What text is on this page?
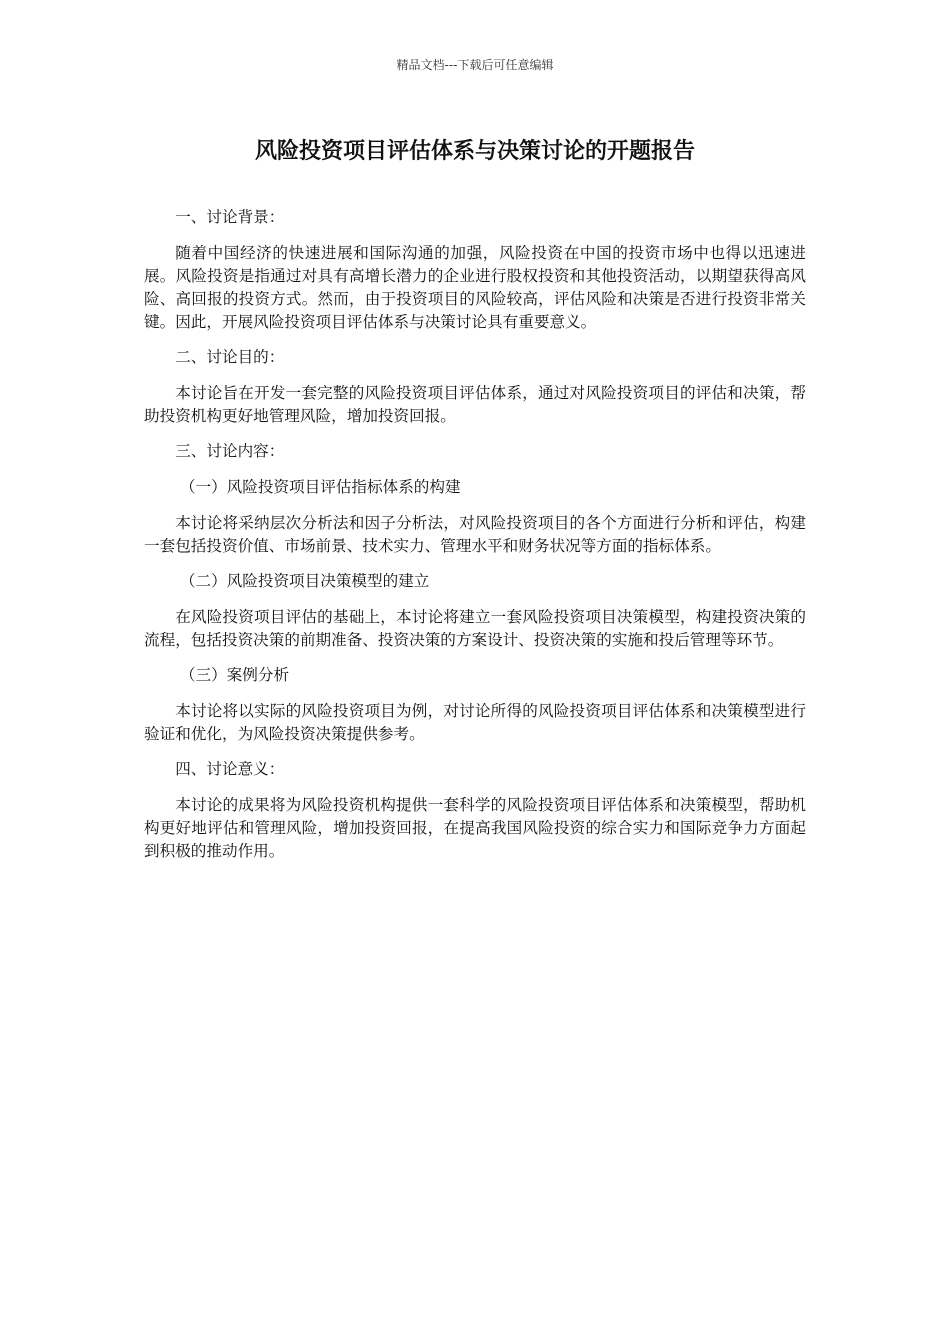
精品文档---下载后可任意编辑
风险投资项目评估体系与决策讨论的开题报告

一、讨论背景：

随着中国经济的快速进展和国际沟通的加强，风险投资在中国的投资市场中也得以迅速进展。风险投资是指通过对具有高增长潜力的企业进行股权投资和其他投资活动，以期望获得高风险、高回报的投资方式。然而，由于投资项目的风险较高，评估风险和决策是否进行投资非常关键。因此，开展风险投资项目评估体系与决策讨论具有重要意义。

二、讨论目的：

本讨论旨在开发一套完整的风险投资项目评估体系，通过对风险投资项目的评估和决策，帮助投资机构更好地管理风险，增加投资回报。

三、讨论内容：

（一）风险投资项目评估指标体系的构建

本讨论将采纳层次分析法和因子分析法，对风险投资项目的各个方面进行分析和评估，构建一套包括投资价值、市场前景、技术实力、管理水平和财务状况等方面的指标体系。

（二）风险投资项目决策模型的建立

在风险投资项目评估的基础上，本讨论将建立一套风险投资项目决策模型，构建投资决策的流程，包括投资决策的前期准备、投资决策的方案设计、投资决策的实施和投后管理等环节。

（三）案例分析

本讨论将以实际的风险投资项目为例，对讨论所得的风险投资项目评估体系和决策模型进行验证和优化，为风险投资决策提供参考。

四、讨论意义：

本讨论的成果将为风险投资机构提供一套科学的风险投资项目评估体系和决策模型，帮助机构更好地评估和管理风险，增加投资回报，在提高我国风险投资的综合实力和国际竞争力方面起到积极的推动作用。
